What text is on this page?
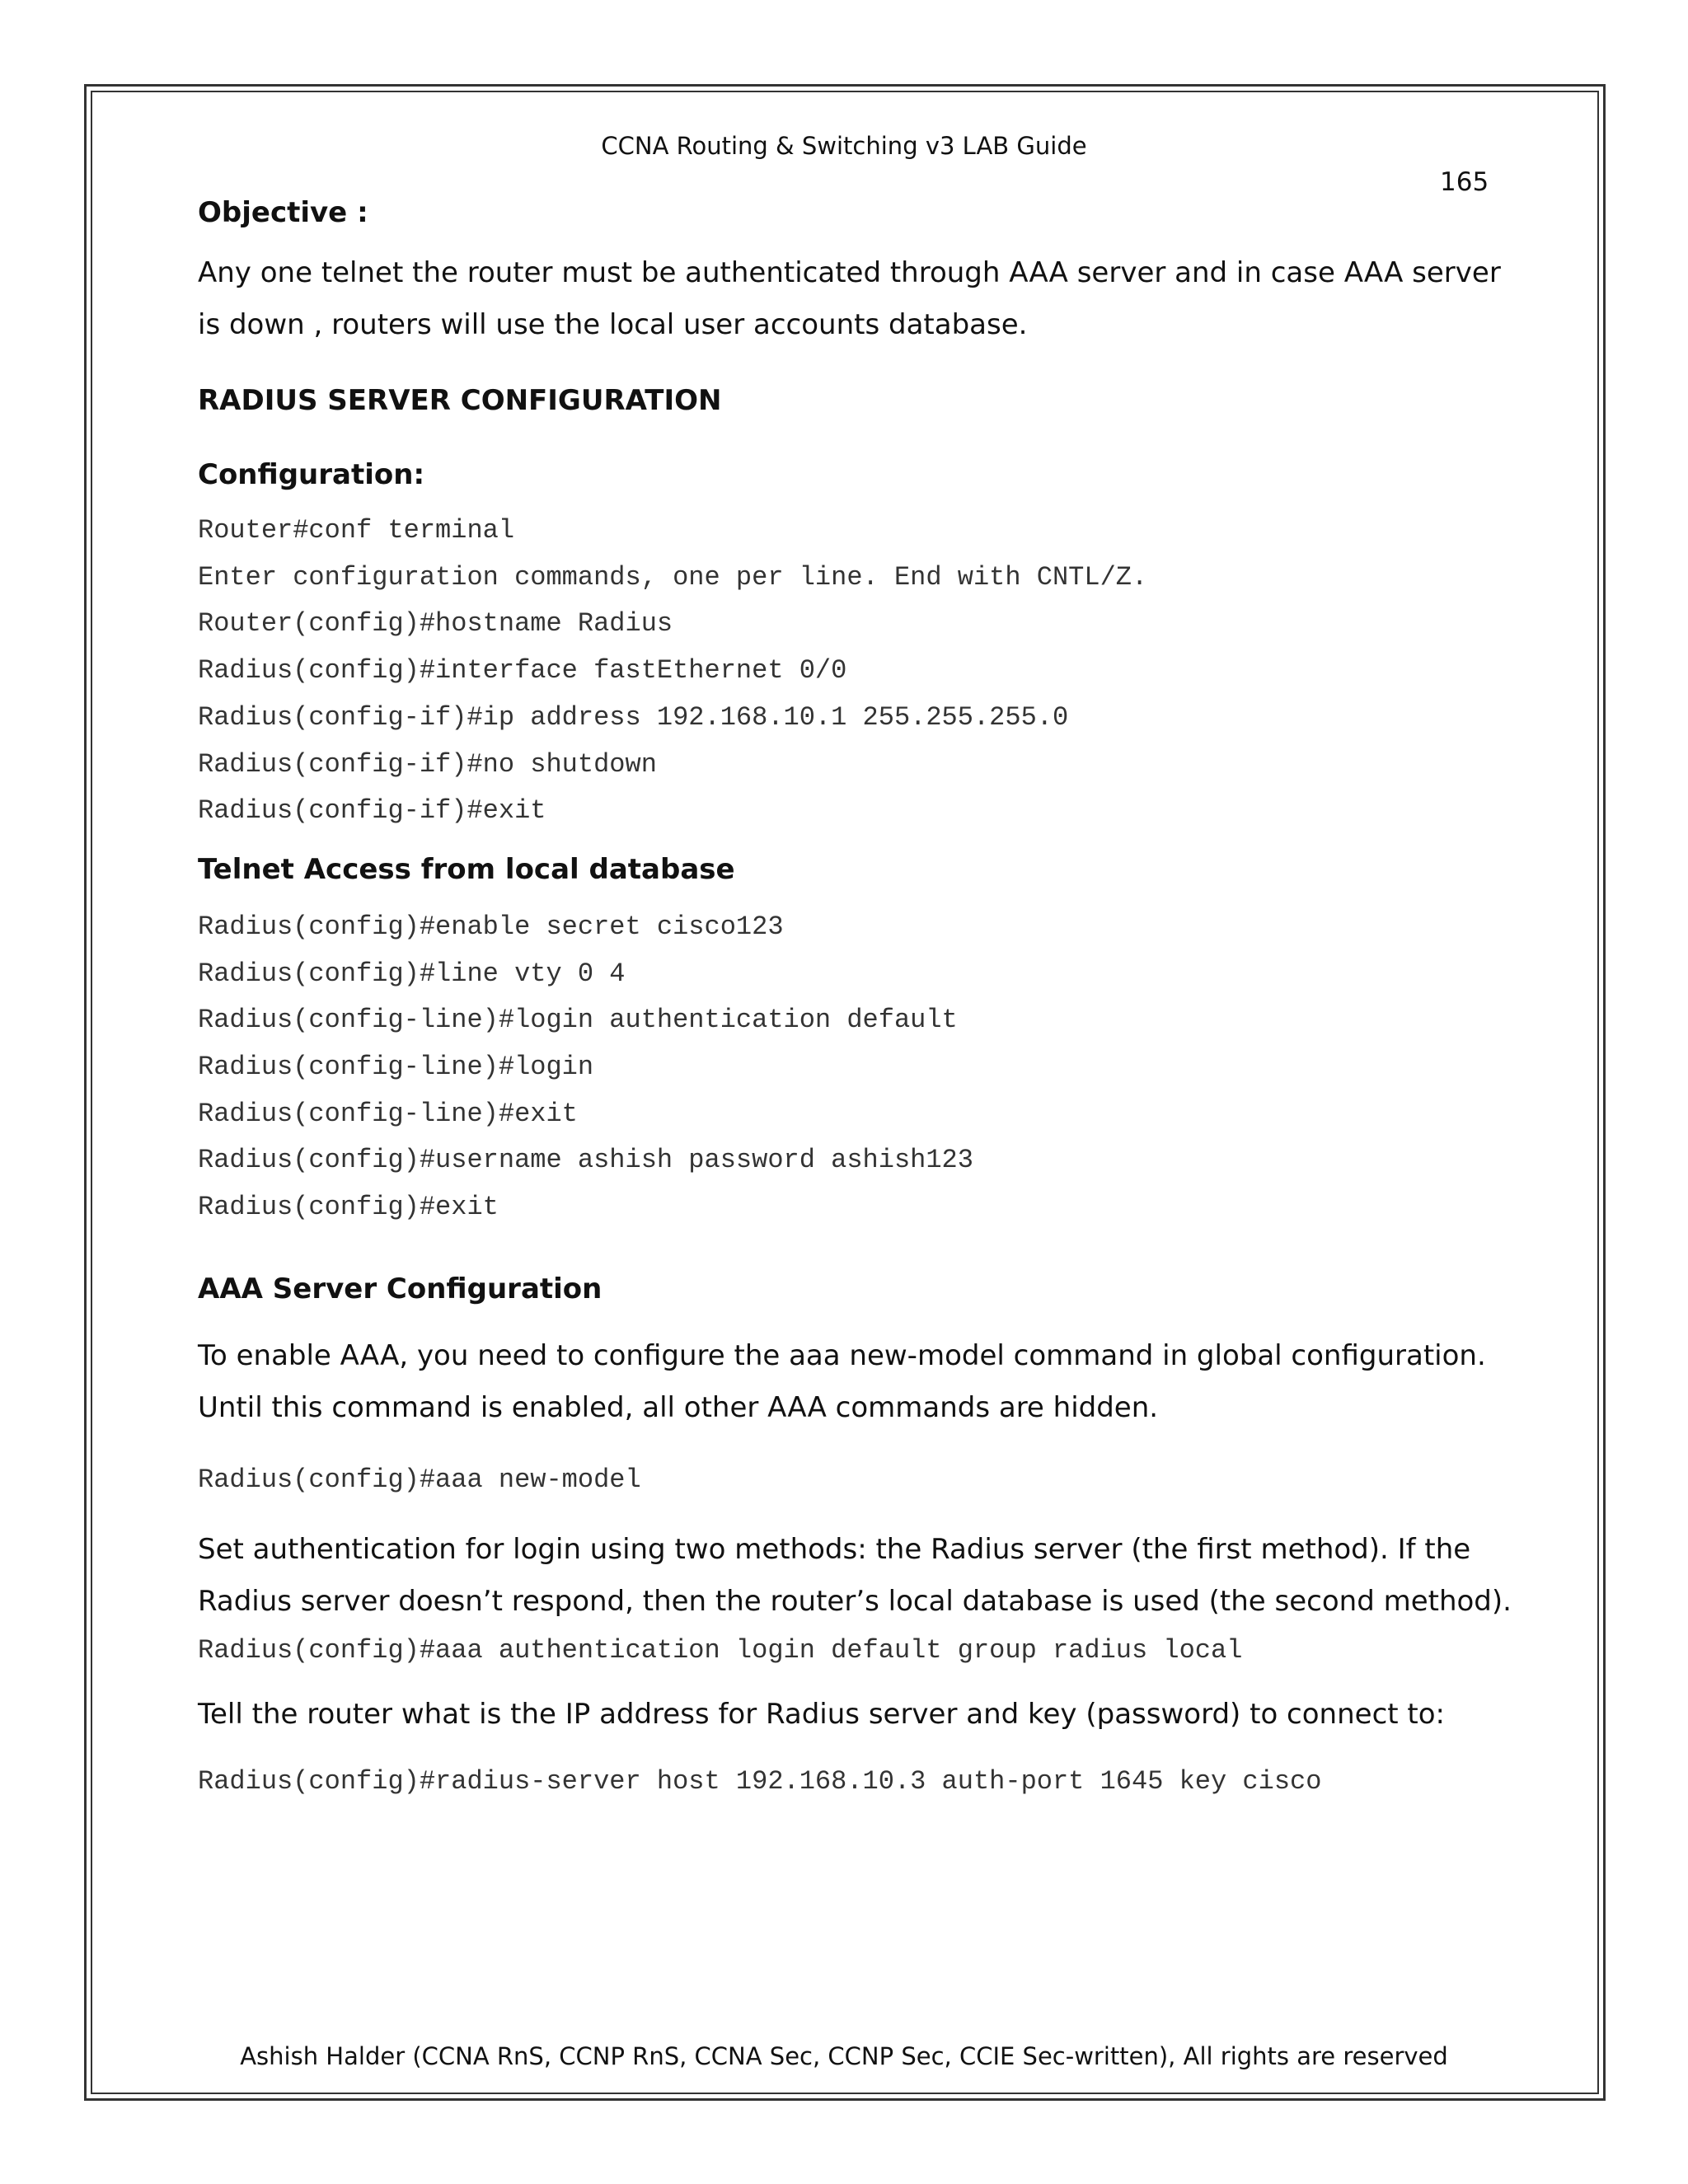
CCNA Routing & Switching v3 LAB Guide
165

Objective :

Any one telnet the router must be authenticated through AAA server and in case AAA server

is down , routers will use the local user accounts database.

RADIUS SERVER CONFIGURATION

Configuration:

Router#conf terminal

Enter configuration commands, one per line. End with CNTL/Z.

Router(config)#hostname Radius

Radius(config)#interface fastEthernet 0/0

Radius(config-if)#ip address 192.168.10.1 255.255.255.0

Radius(config-if)#no shutdown

Radius(config-if)#exit

Telnet Access from local database

Radius(config)#enable secret cisco123

Radius(config)#line vty 0 4

Radius(config-line)#login authentication default

Radius(config-line)#login

Radius(config-line)#exit

Radius(config)#username ashish password ashish123

Radius(config)#exit

AAA Server Configuration

To enable AAA, you need to configure the aaa new-model command in global configuration.

Until this command is enabled, all other AAA commands are hidden.

Radius(config)#aaa new-model

Set authentication for login using two methods: the Radius server (the first method). If the

Radius server doesn’t respond, then the router’s local database is used (the second method).

Radius(config)#aaa authentication login default group radius local

Tell the router what is the IP address for Radius server and key (password) to connect to:

Radius(config)#radius-server host 192.168.10.3 auth-port 1645 key cisco

Ashish Halder (CCNA RnS, CCNP RnS, CCNA Sec, CCNP Sec, CCIE Sec-written), All rights are reserved
